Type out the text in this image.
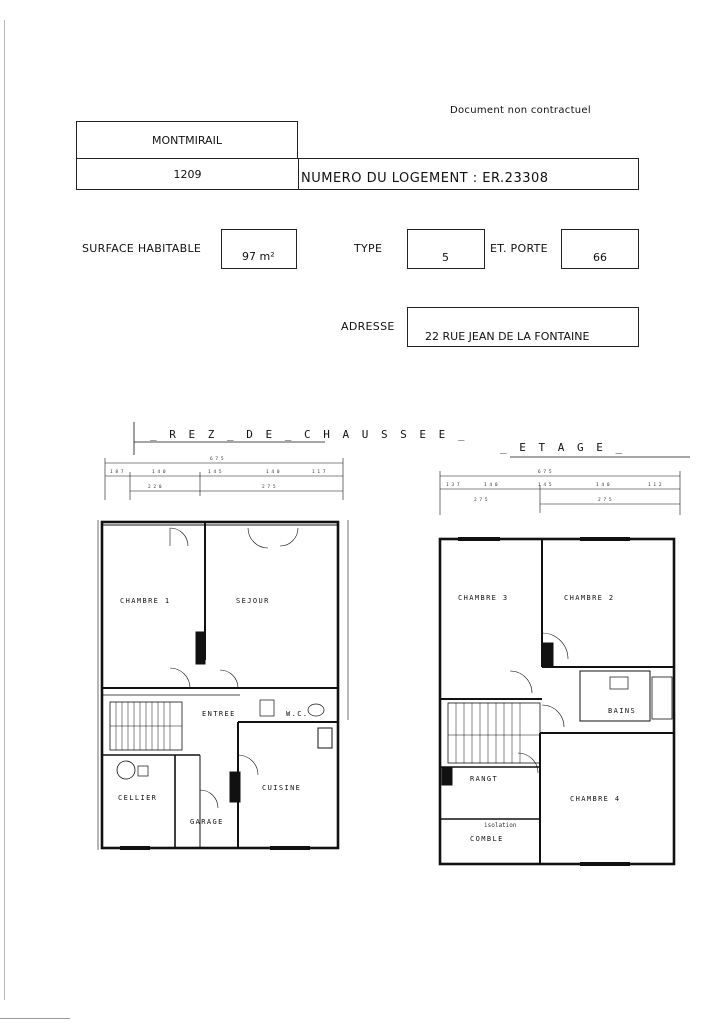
Document non contractuel
MONTMIRAIL
1209	NUMERO DU LOGEMENT : ER.23308
SURFACE HABITABLE
97 m²
TYPE
5
ET. PORTE
66
ADRESSE
22 RUE JEAN DE LA FONTAINE
_ R E Z _ D E _ C H A U S S E E _
_ E T A G E _
6 7 5
1 8 7	1 4 0	1 4 5	1 4 0	1 1 7
2 2 0	2 7 5
CHAMBRE 1	SEJOUR
ENTREE	W.C.
CUISINE
CELLIER
GARAGE
6 7 5
1 3 7	1 4 0	1 4 5	1 4 0	1 1 2
2 7 5	2 7 5
CHAMBRE 3	CHAMBRE 2
BAINS
RANGT
CHAMBRE 4
isolation
COMBLE
